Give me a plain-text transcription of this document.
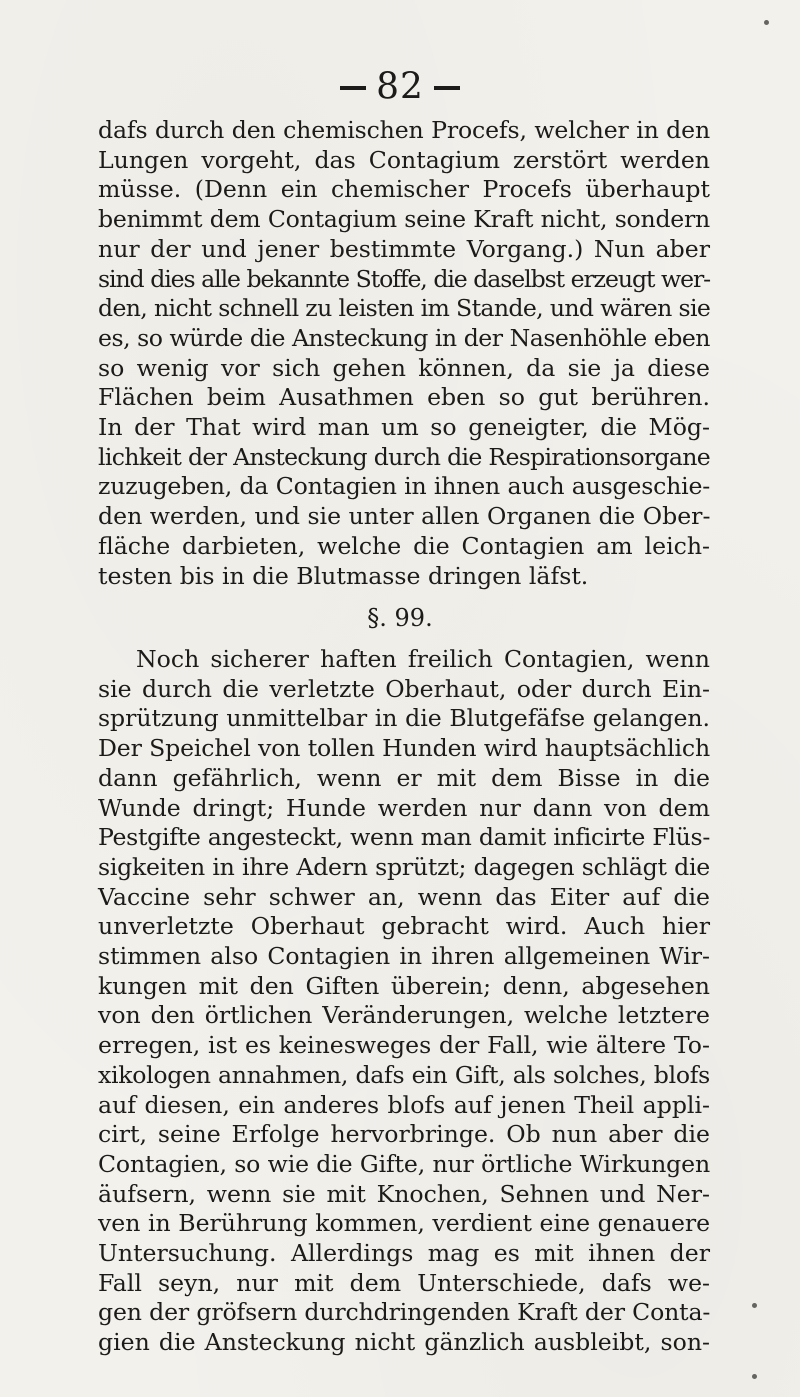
82
dafs durch den chemischen Procefs, welcher in den
Lungen vorgeht, das Contagium zerstört werden
müsse. (Denn ein chemischer Procefs überhaupt
benimmt dem Contagium seine Kraft nicht, sondern
nur der und jener bestimmte Vorgang.) Nun aber
sind dies alle bekannte Stoffe, die daselbst erzeugt wer-
den, nicht schnell zu leisten im Stande, und wären sie
es, so würde die Ansteckung in der Nasenhöhle eben
so wenig vor sich gehen können, da sie ja diese
Flächen beim Ausathmen eben so gut berühren.
In der That wird man um so geneigter, die Mög-
lichkeit der Ansteckung durch die Respirationsorgane
zuzugeben, da Contagien in ihnen auch ausgeschie-
den werden, und sie unter allen Organen die Ober-
fläche darbieten, welche die Contagien am leich-
testen bis in die Blutmasse dringen läfst.
§. 99.
Noch sicherer haften freilich Contagien, wenn
sie durch die verletzte Oberhaut, oder durch Ein-
sprützung unmittelbar in die Blutgefäfse gelangen.
Der Speichel von tollen Hunden wird hauptsächlich
dann gefährlich, wenn er mit dem Bisse in die
Wunde dringt; Hunde werden nur dann von dem
Pestgifte angesteckt, wenn man damit inficirte Flüs-
sigkeiten in ihre Adern sprützt; dagegen schlägt die
Vaccine sehr schwer an, wenn das Eiter auf die
unverletzte Oberhaut gebracht wird. Auch hier
stimmen also Contagien in ihren allgemeinen Wir-
kungen mit den Giften überein; denn, abgesehen
von den örtlichen Veränderungen, welche letztere
erregen, ist es keinesweges der Fall, wie ältere To-
xikologen annahmen, dafs ein Gift, als solches, blofs
auf diesen, ein anderes blofs auf jenen Theil appli-
cirt, seine Erfolge hervorbringe. Ob nun aber die
Contagien, so wie die Gifte, nur örtliche Wirkungen
äufsern, wenn sie mit Knochen, Sehnen und Ner-
ven in Berührung kommen, verdient eine genauere
Untersuchung. Allerdings mag es mit ihnen der
Fall seyn, nur mit dem Unterschiede, dafs we-
gen der gröfsern durchdringenden Kraft der Conta-
gien die Ansteckung nicht gänzlich ausbleibt, son-
